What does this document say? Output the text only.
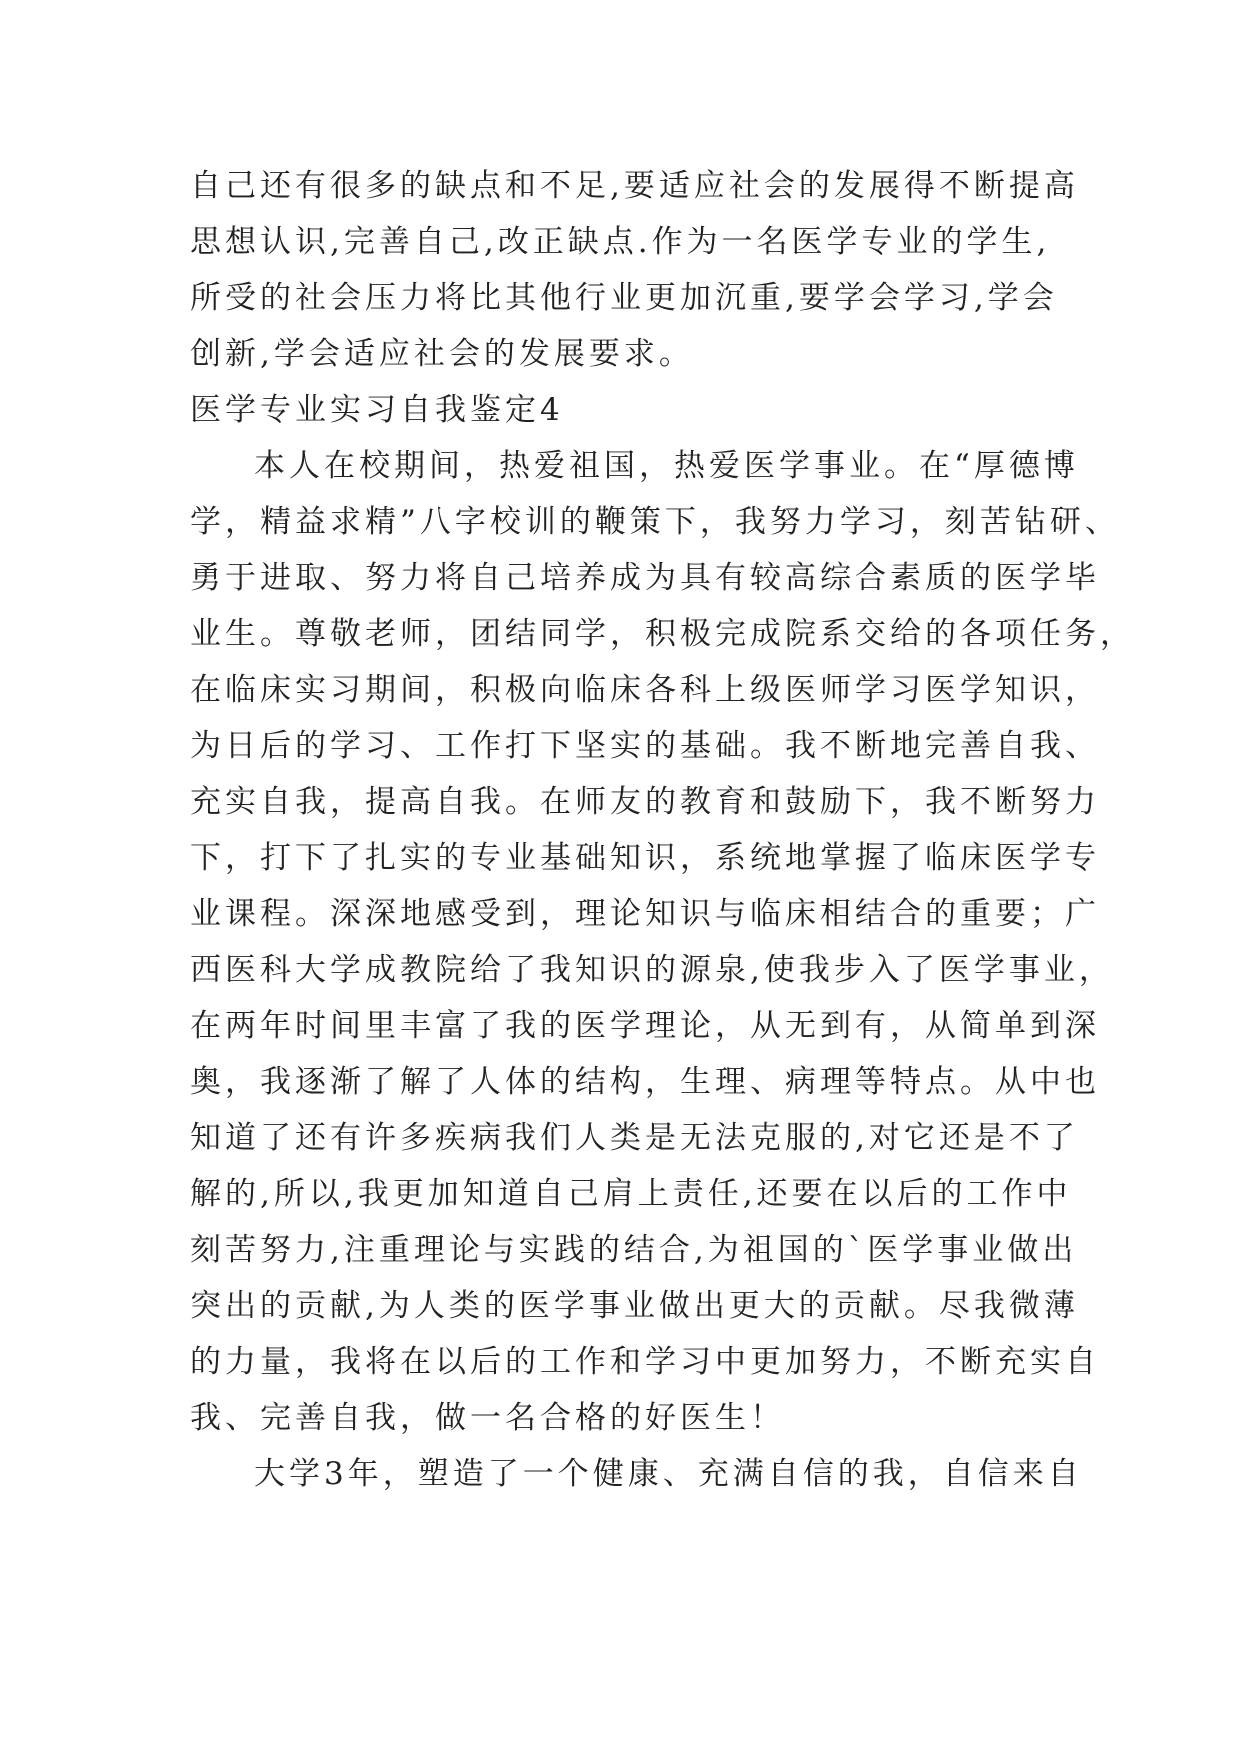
自己还有很多的缺点和不足,要适应社会的发展得不断提高
思想认识,完善自己,改正缺点.作为一名医学专业的学生,
所受的社会压力将比其他行业更加沉重,要学会学习,学会
创新,学会适应社会的发展要求。
医学专业实习自我鉴定4
本人在校期间，热爱祖国，热爱医学事业。在“厚德博
学，精益求精”八字校训的鞭策下，我努力学习，刻苦钻研、
勇于进取、努力将自己培养成为具有较高综合素质的医学毕
业生。尊敬老师，团结同学，积极完成院系交给的各项任务，
在临床实习期间，积极向临床各科上级医师学习医学知识，
为日后的学习、工作打下坚实的基础。我不断地完善自我、
充实自我，提高自我。在师友的教育和鼓励下，我不断努力
下，打下了扎实的专业基础知识，系统地掌握了临床医学专
业课程。深深地感受到，理论知识与临床相结合的重要；广
西医科大学成教院给了我知识的源泉,使我步入了医学事业，
在两年时间里丰富了我的医学理论，从无到有，从简单到深
奥，我逐渐了解了人体的结构，生理、病理等特点。从中也
知道了还有许多疾病我们人类是无法克服的,对它还是不了
解的,所以,我更加知道自己肩上责任,还要在以后的工作中
刻苦努力,注重理论与实践的结合,为祖国的`医学事业做出
突出的贡献,为人类的医学事业做出更大的贡献。尽我微薄
的力量，我将在以后的工作和学习中更加努力，不断充实自
我、完善自我，做一名合格的好医生！
大学3年，塑造了一个健康、充满自信的我，自信来自
